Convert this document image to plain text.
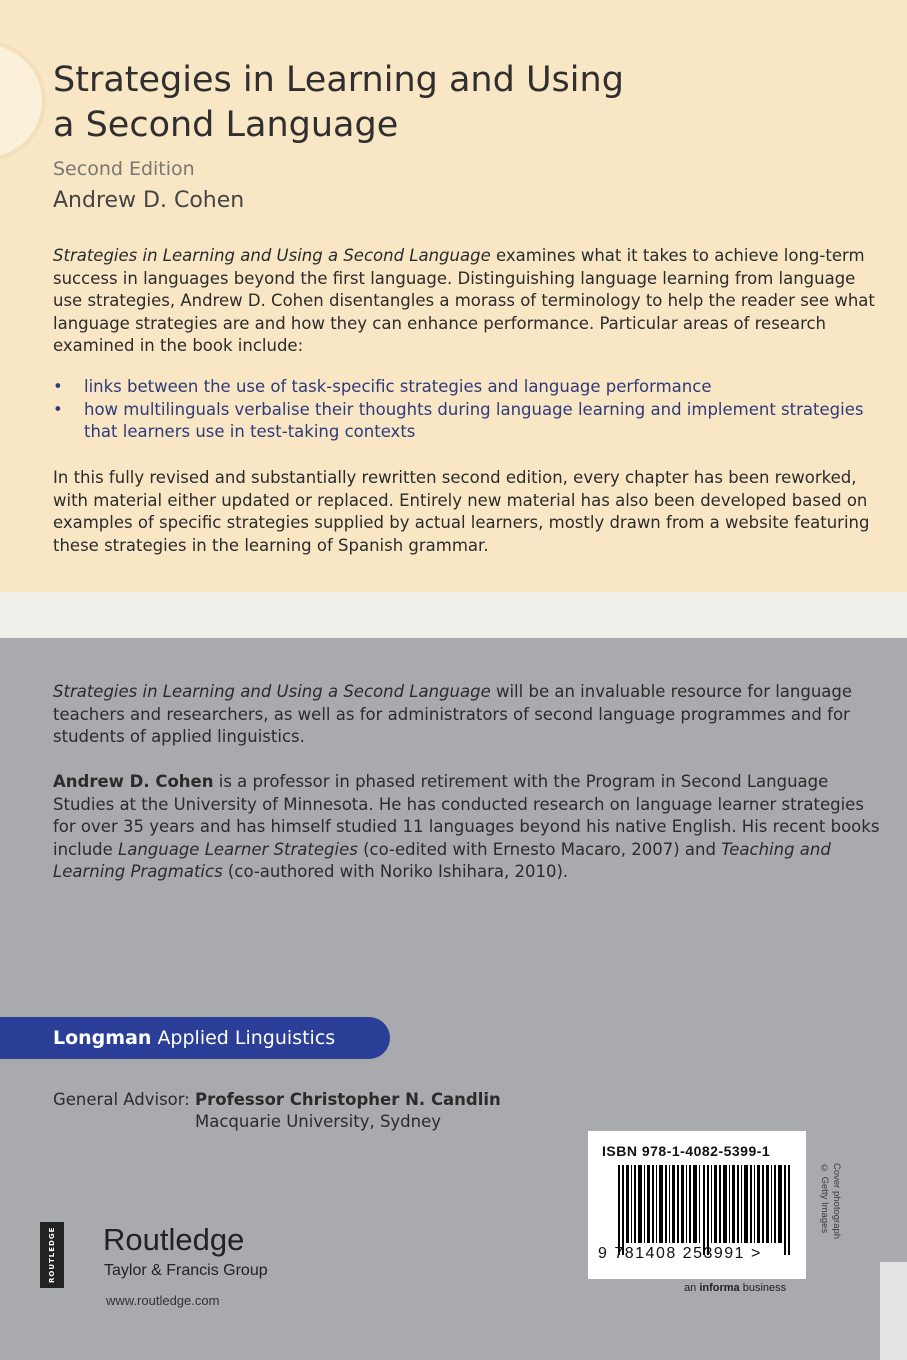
Strategies in Learning and Using
a Second Language
Second Edition
Andrew D. Cohen

Strategies in Learning and Using a Second Language examines what it takes to achieve long-term success in languages beyond the first language. Distinguishing language learning from language use strategies, Andrew D. Cohen disentangles a morass of terminology to help the reader see what language strategies are and how they can enhance performance. Particular areas of research examined in the book include:

• links between the use of task-specific strategies and language performance
• how multilinguals verbalise their thoughts during language learning and implement strategies that learners use in test-taking contexts

In this fully revised and substantially rewritten second edition, every chapter has been reworked, with material either updated or replaced. Entirely new material has also been developed based on examples of specific strategies supplied by actual learners, mostly drawn from a website featuring these strategies in the learning of Spanish grammar.

Strategies in Learning and Using a Second Language will be an invaluable resource for language teachers and researchers, as well as for administrators of second language programmes and for students of applied linguistics.

Andrew D. Cohen is a professor in phased retirement with the Program in Second Language Studies at the University of Minnesota. He has conducted research on language learner strategies for over 35 years and has himself studied 11 languages beyond his native English. His recent books include Language Learner Strategies (co-edited with Ernesto Macaro, 2007) and Teaching and Learning Pragmatics (co-authored with Noriko Ishihara, 2010).

Longman Applied Linguistics
General Advisor: Professor Christopher N. Candlin
Macquarie University, Sydney
ROUTLEDGE Routledge
Taylor & Francis Group
www.routledge.com
ISBN 978-1-4082-5399-1
9 781408 253991 >
an informa business
Cover photograph
© Getty Images
